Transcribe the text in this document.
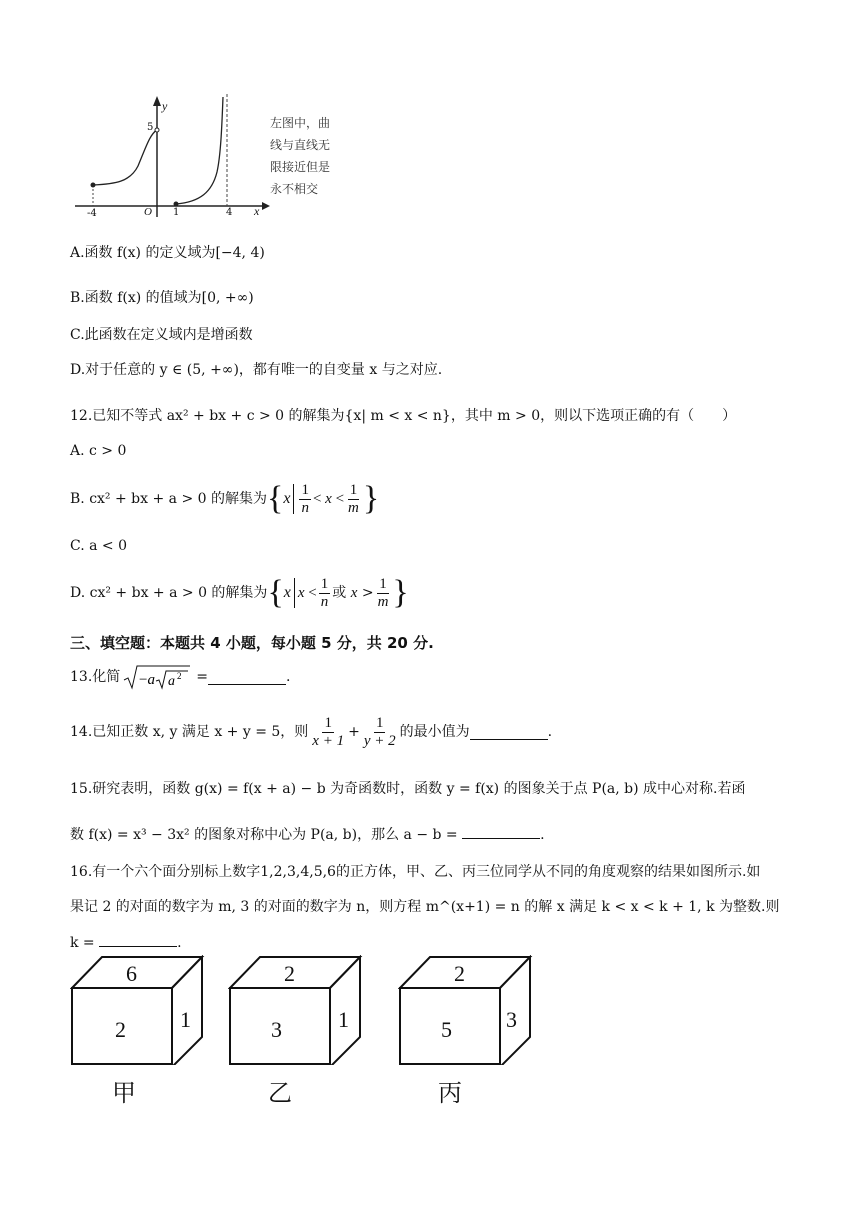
y
5
-4	O 1	4 x
左图中，曲
线与直线无
限接近但是
永不相交
A.函数 f(x) 的定义域为[−4, 4)
B.函数 f(x) 的值域为[0, +∞)
C.此函数在定义域内是增函数
D.对于任意的 y ∈ (5, +∞)，都有唯一的自变量 x 与之对应.
12.已知不等式 ax² + bx + c > 0 的解集为{x| m < x < n}，其中 m > 0，则以下选项正确的有（　　）
A. c > 0
B. cx² + bx + a > 0 的解集为 { x $\frac{1}{n} < x < \frac{1}{m}$ }
C. a < 0
D. cx² + bx + a > 0 的解集为 { x $x < \frac{1}{n}$ 或 $x > \frac{1}{m}$ }
三、填空题：本题共 4 小题，每小题 5 分，共 20 分.
13.化简 −a a 2 =	.
14.已知正数 x, y 满足 x + y = 5，则 $\frac{1}{x + 1} + \frac{1}{y + 2}$ 的最小值为	.
15.研究表明，函数 g(x) = f(x + a) − b 为奇函数时，函数 y = f(x) 的图象关于点 P(a, b) 成中心对称.若函
数 f(x) = x³ − 3x² 的图象对称中心为 P(a, b)，那么 a − b =	.
16.有一个六个面分别标上数字1,2,3,4,5,6的正方体，甲、乙、丙三位同学从不同的角度观察的结果如图所示.如
果记 2 的对面的数字为 m, 3 的对面的数字为 n，则方程 m^(x+1) = n 的解 x 满足 k < x < k + 1, k 为整数.则
k =	.
6
2 1
甲
2
3	1
乙
2
5 3
丙
